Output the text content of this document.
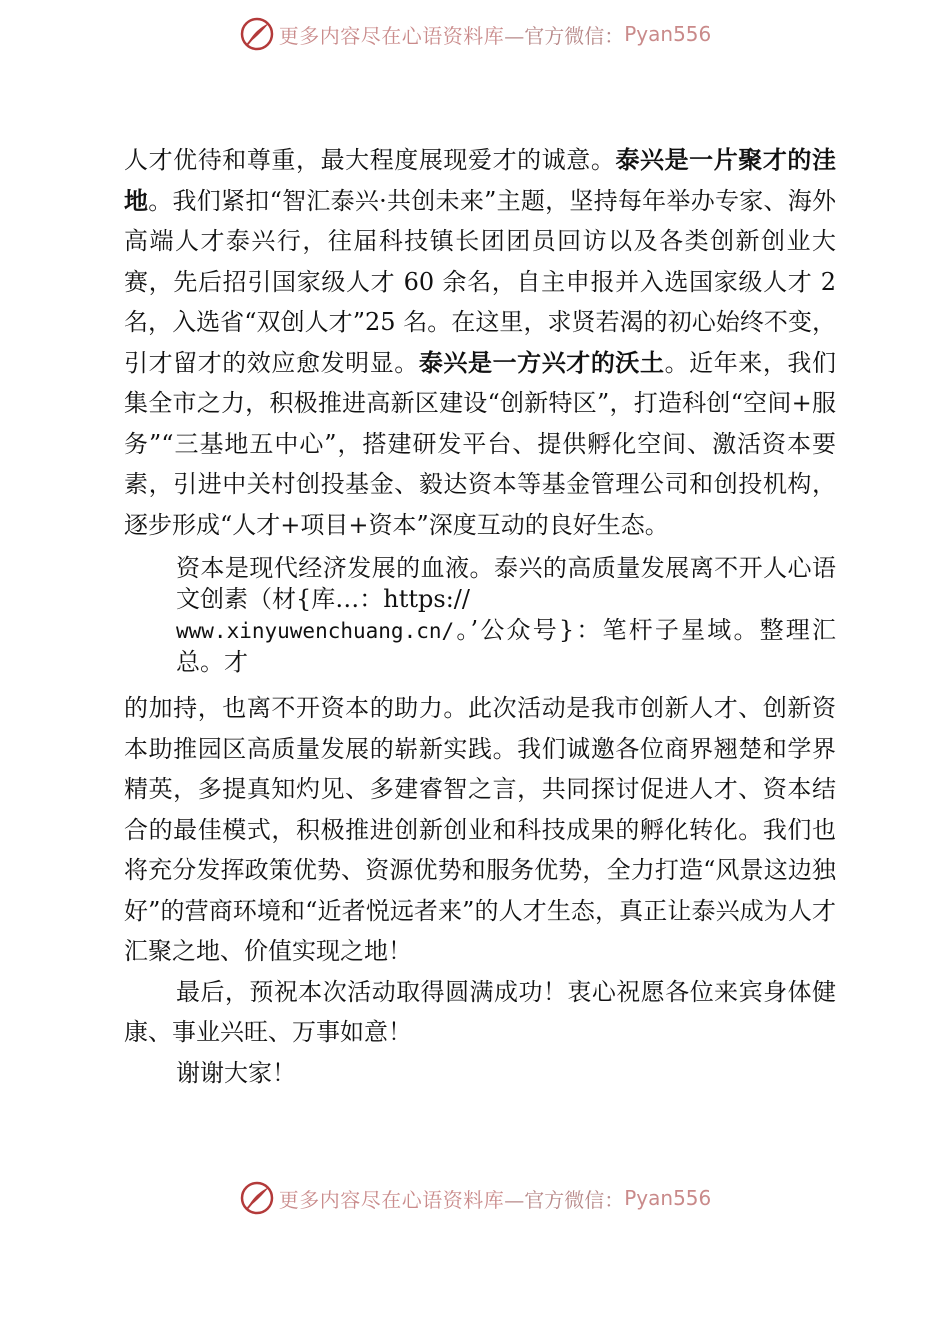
更多内容尽在心语资料库 —官方微信： Pyan556

人才优待和尊重，最大程度展现爱才的诚意。泰兴是一片聚才的洼地。我们紧扣“智汇泰兴·共创未来”主题，坚持每年举办专家、海外高端人才泰兴行，往届科技镇长团团员回访以及各类创新创业大赛，先后招引国家级人才 60 余名，自主申报并入选国家级人才 2 名，入选省“双创人才”25 名。在这里，求贤若渴的初心始终不变，引才留才的效应愈发明显。泰兴是一方兴才的沃土。近年来，我们集全市之力，积极推进高新区建设“创新特区”，打造科创“空间+服务”“三基地五中心”，搭建研发平台、提供孵化空间、激活资本要素，引进中关村创投基金、毅达资本等基金管理公司和创投机构，逐步形成“人才+项目+资本”深度互动的良好生态。

资本是现代经济发展的血液。泰兴的高质量发展离不开人心语文创素（材{库…：https://
www.xinyuwenchuang.cn/。’公众号}：笔杆子星域。整理汇总。才

的加持，也离不开资本的助力。此次活动是我市创新人才、创新资本助推园区高质量发展的崭新实践。我们诚邀各位商界翘楚和学界精英，多提真知灼见、多建睿智之言，共同探讨促进人才、资本结合的最佳模式，积极推进创新创业和科技成果的孵化转化。我们也将充分发挥政策优势、资源优势和服务优势，全力打造“风景这边独好”的营商环境和“近者悦远者来”的人才生态，真正让泰兴成为人才汇聚之地、价值实现之地！

最后，预祝本次活动取得圆满成功！衷心祝愿各位来宾身体健康、事业兴旺、万事如意！

谢谢大家！

更多内容尽在心语资料库 —官方微信： Pyan556
